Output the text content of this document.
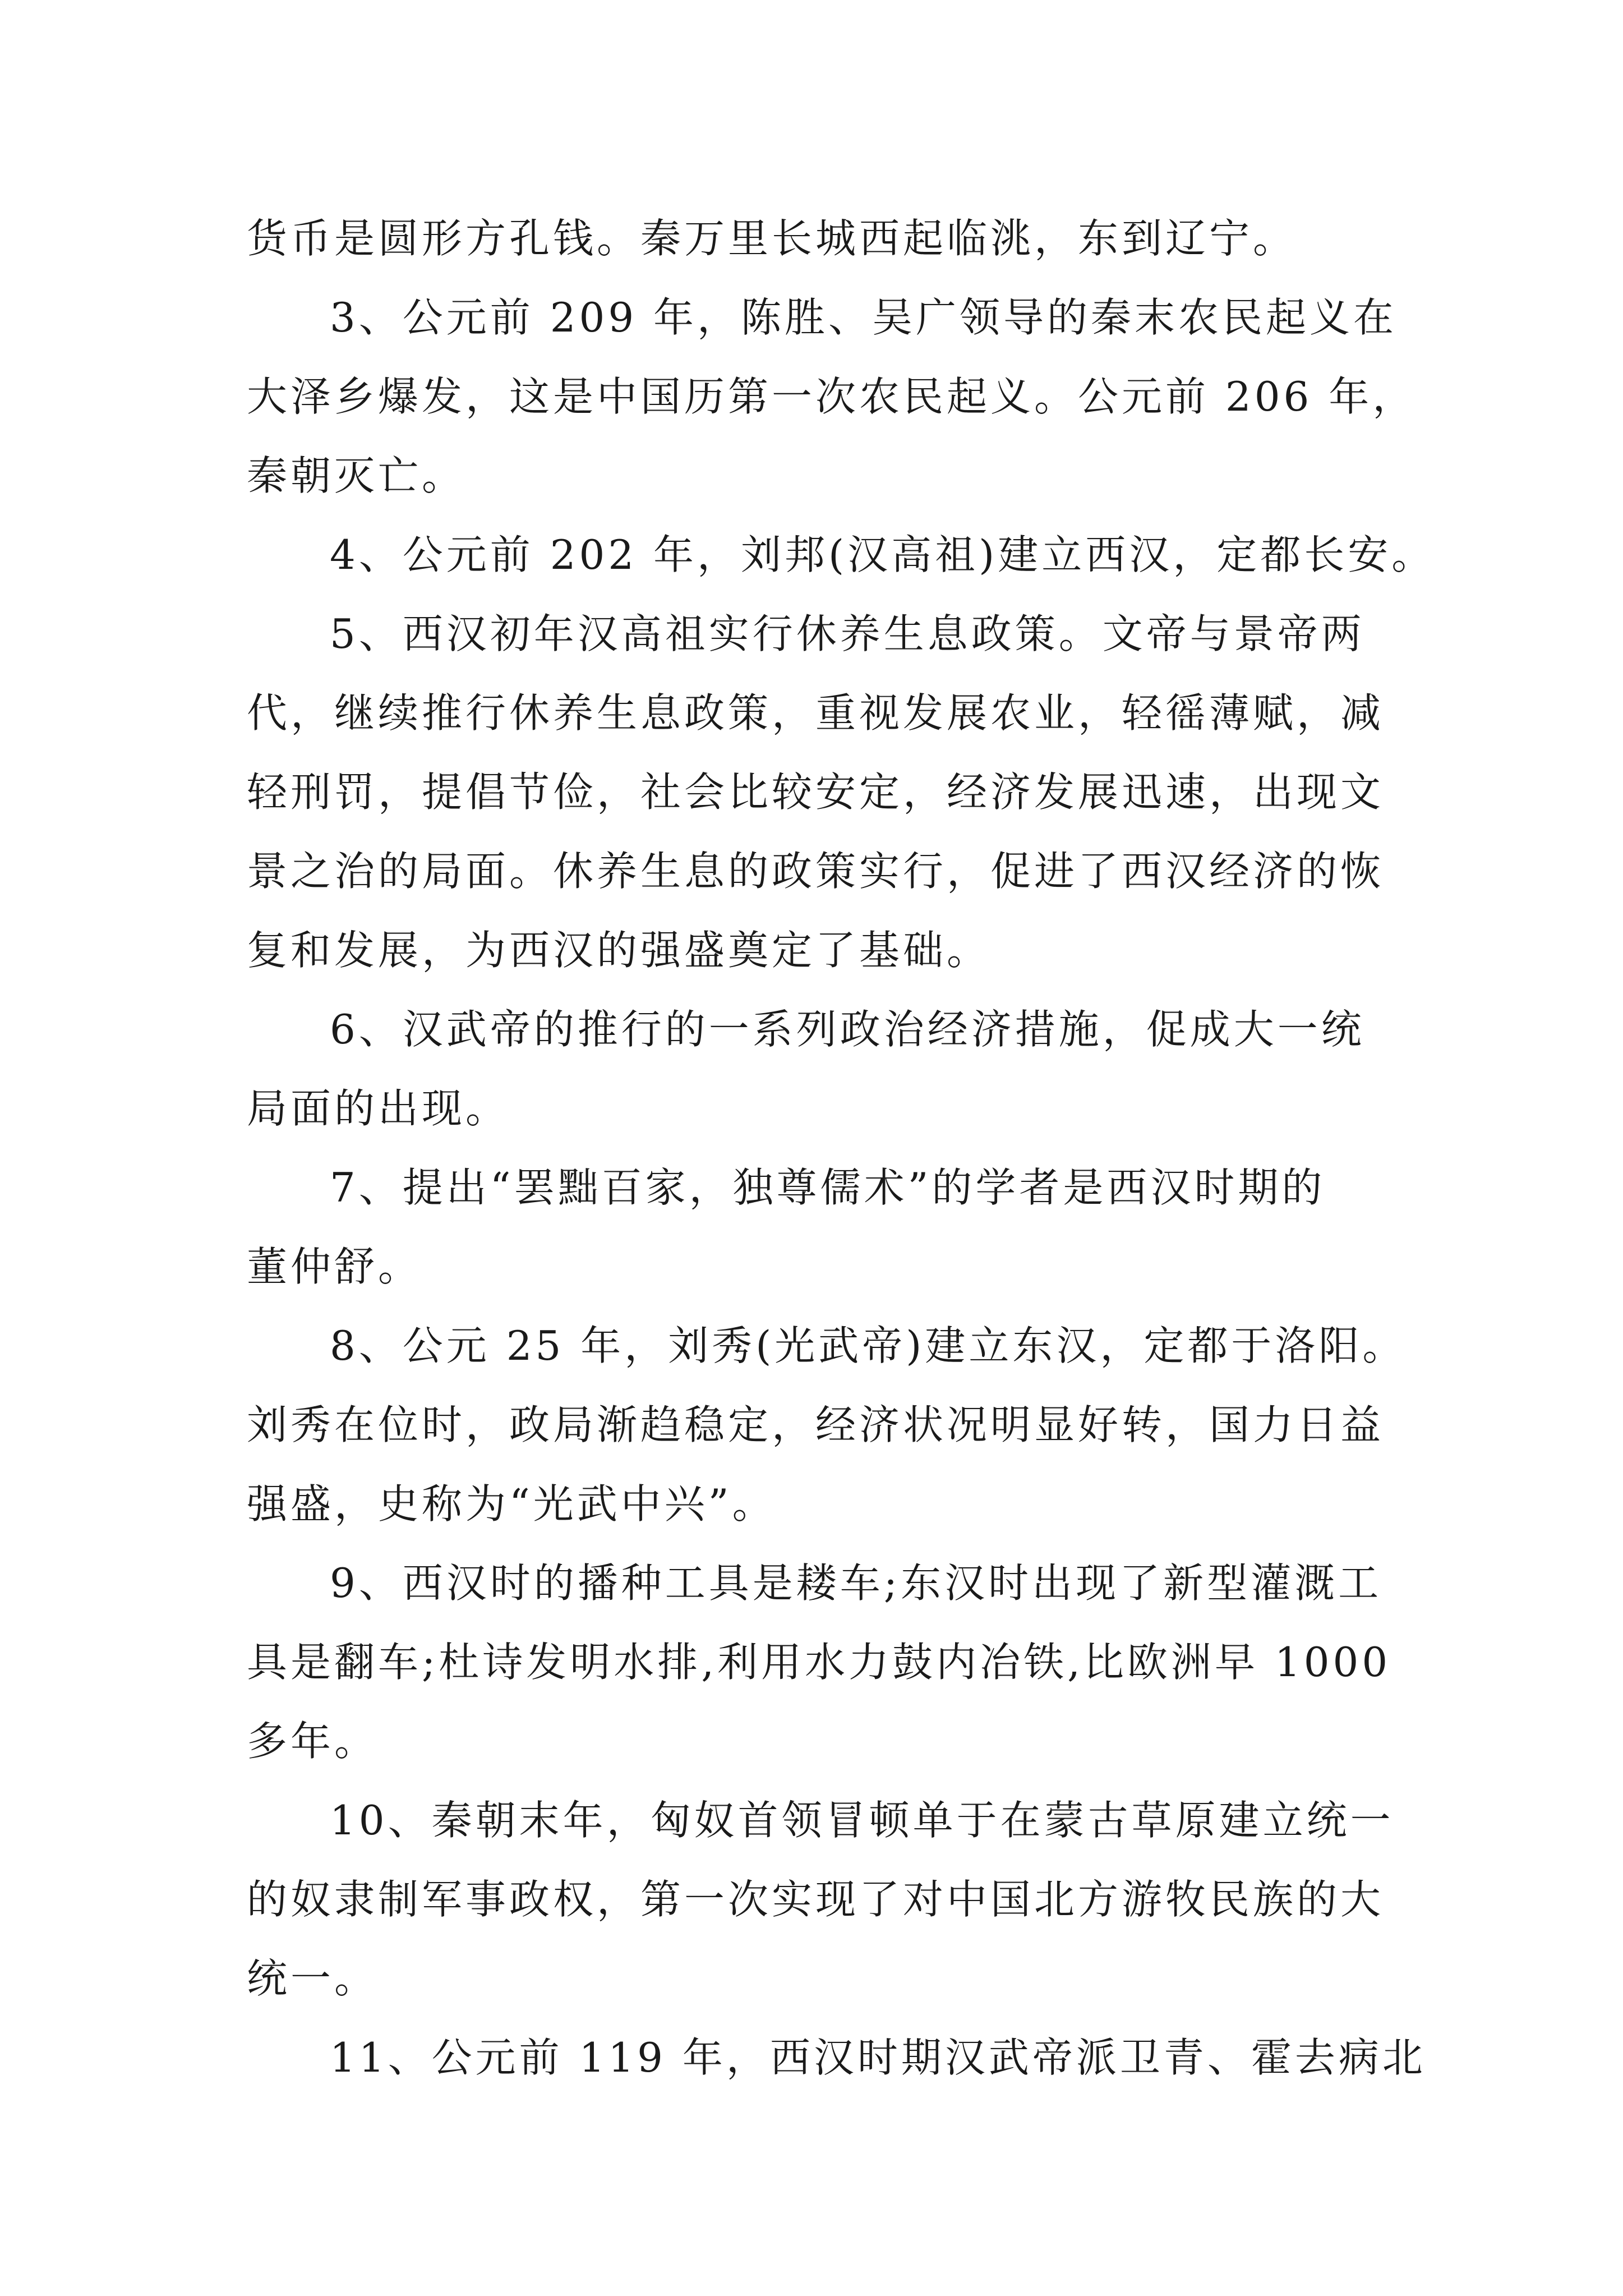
货币是圆形方孔钱。秦万里长城西起临洮，东到辽宁。
3、公元前 209 年，陈胜、吴广领导的秦末农民起义在
大泽乡爆发，这是中国历第一次农民起义。公元前 206 年，
秦朝灭亡。
4、公元前 202 年，刘邦(汉高祖)建立西汉，定都长安。
5、西汉初年汉高祖实行休养生息政策。文帝与景帝两
代，继续推行休养生息政策，重视发展农业，轻徭薄赋，减
轻刑罚，提倡节俭，社会比较安定，经济发展迅速，出现文
景之治的局面。休养生息的政策实行，促进了西汉经济的恢
复和发展，为西汉的强盛奠定了基础。
6、汉武帝的推行的一系列政治经济措施，促成大一统
局面的出现。
7、提出“罢黜百家，独尊儒术”的学者是西汉时期的
董仲舒。
8、公元 25 年，刘秀(光武帝)建立东汉，定都于洛阳。
刘秀在位时，政局渐趋稳定，经济状况明显好转，国力日益
强盛，史称为“光武中兴”。
9、西汉时的播种工具是耧车;东汉时出现了新型灌溉工
具是翻车;杜诗发明水排,利用水力鼓内冶铁,比欧洲早 1000
多年。
10、秦朝末年，匈奴首领冒顿单于在蒙古草原建立统一
的奴隶制军事政权，第一次实现了对中国北方游牧民族的大
统一。
11、公元前 119 年，西汉时期汉武帝派卫青、霍去病北
